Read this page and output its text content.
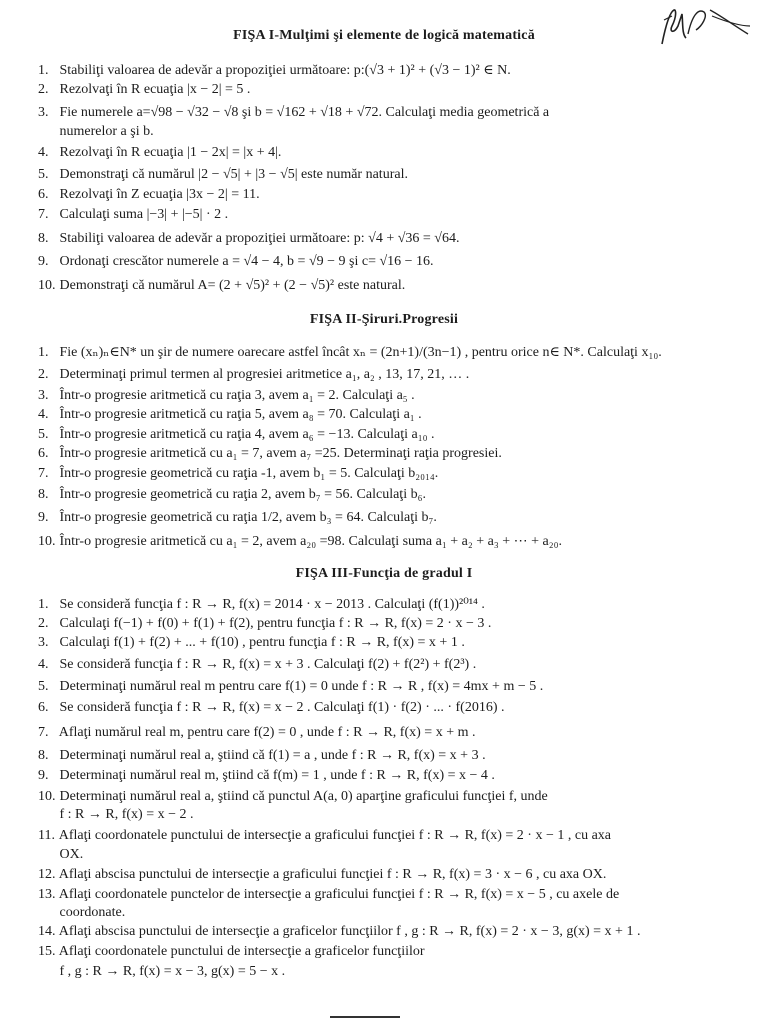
FIŞA I-Mulţimi şi elemente de logică matematică
1. Stabiliţi valoarea de adevăr a propoziţiei următoare: p:(√3 + 1)² + (√3 − 1)² ∈ N.
2. Rezolvaţi în R ecuaţia |x − 2| = 5 .
3. Fie numerele a=√98 − √32 − √8 şi b = √162 + √18 + √72. Calculaţi media geometrică a
numerelor a şi b.
4. Rezolvaţi în R ecuaţia |1 − 2x| = |x + 4|.
5. Demonstraţi că numărul |2 − √5| + |3 − √5| este număr natural.
6. Rezolvaţi în Z ecuaţia |3x − 2| = 11.
7. Calculaţi suma |−3| + |−5| · 2 .
8. Stabiliţi valoarea de adevăr a propoziţiei următoare: p: √4 + √36 = √64.
9. Ordonaţi crescător numerele a = √4 − 4, b = √9 − 9 şi c= √16 − 16.
10. Demonstraţi că numărul A= (2 + √5)² + (2 − √5)² este natural.
FIŞA II-Şiruri.Progresii
1. Fie (xₙ)ₙ∈N* un şir de numere oarecare astfel încât xₙ = (2n+1)/(3n−1) , pentru orice n∈ N*. Calculaţi x₁₀.
2. Determinaţi primul termen al progresiei aritmetice a₁, a₂ , 13, 17, 21, … .
3. Într-o progresie aritmetică cu raţia 3, avem a₁ = 2. Calculaţi a₅ .
4. Într-o progresie aritmetică cu raţia 5, avem a₈ = 70. Calculaţi a₁ .
5. Într-o progresie aritmetică cu raţia 4, avem a₆ = −13. Calculaţi a₁₀ .
6. Într-o progresie aritmetică cu a₁ = 7, avem a₇ =25. Determinaţi raţia progresiei.
7. Într-o progresie geometrică cu raţia -1, avem b₁ = 5. Calculaţi b₂₀₁₄.
8. Într-o progresie geometrică cu raţia 2, avem b₇ = 56. Calculaţi b₆.
9. Într-o progresie geometrică cu raţia 1/2, avem b₃ = 64. Calculaţi b₇.
10. Într-o progresie aritmetică cu a₁ = 2, avem a₂₀ =98. Calculaţi suma a₁ + a₂ + a₃ + ⋯ + a₂₀.
FIŞA III-Funcţia de gradul I
1. Se consideră funcţia f : R → R, f(x) = 2014 · x − 2013 . Calculaţi (f(1))²⁰¹⁴ .
2. Calculaţi f(−1) + f(0) + f(1) + f(2), pentru funcţia f : R → R, f(x) = 2 · x − 3 .
3. Calculaţi f(1) + f(2) + ... + f(10) , pentru funcţia f : R → R, f(x) = x + 1 .
4. Se consideră funcţia f : R → R, f(x) = x + 3 . Calculaţi f(2) + f(2²) + f(2³) .
5. Determinaţi numărul real m pentru care f(1) = 0 unde f : R → R , f(x) = 4mx + m − 5 .
6. Se consideră funcţia f : R → R, f(x) = x − 2 . Calculaţi f(1) · f(2) · ... · f(2016) .
7. Aflaţi numărul real m, pentru care f(2) = 0 , unde f : R → R, f(x) = x + m .
8. Determinaţi numărul real a, ştiind că f(1) = a , unde f : R → R, f(x) = x + 3 .
9. Determinaţi numărul real m, ştiind că f(m) = 1 , unde f : R → R, f(x) = x − 4 .
10. Determinaţi numărul real a, ştiind că punctul A(a, 0) aparţine graficului funcţiei f, unde
f : R → R, f(x) = x − 2 .
11. Aflaţi coordonatele punctului de intersecţie a graficului funcţiei f : R → R, f(x) = 2 · x − 1 , cu axa
OX.
12. Aflaţi abscisa punctului de intersecţie a graficului funcţiei f : R → R, f(x) = 3 · x − 6 , cu axa OX.
13. Aflaţi coordonatele punctelor de intersecţie a graficului funcţiei f : R → R, f(x) = x − 5 , cu axele de
coordonate.
14. Aflaţi abscisa punctului de intersecţie a graficelor funcţiilor f , g : R → R, f(x) = 2 · x − 3, g(x) = x + 1 .
15. Aflaţi coordonatele punctului de intersecţie a graficelor funcţiilor
f , g : R → R, f(x) = x − 3, g(x) = 5 − x .
